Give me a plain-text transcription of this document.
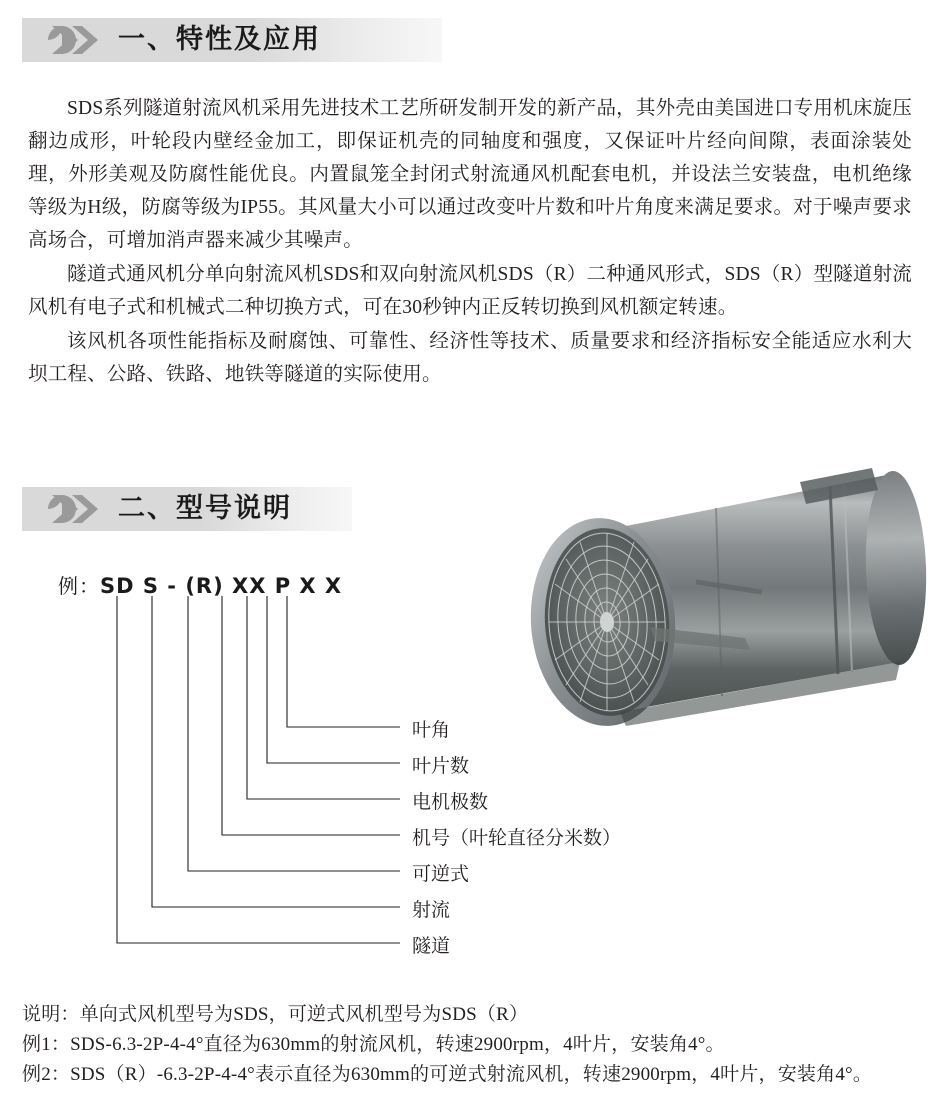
一、特性及应用

SDS系列隧道射流风机采用先进技术工艺所研发制开发的新产品，其外壳由美国进口专用机床旋压翻边成形，叶轮段内壁经金加工，即保证机壳的同轴度和强度，又保证叶片经向间隙，表面涂装处理，外形美观及防腐性能优良。内置鼠笼全封闭式射流通风机配套电机，并设法兰安装盘，电机绝缘等级为H级，防腐等级为IP55。其风量大小可以通过改变叶片数和叶片角度来满足要求。对于噪声要求高场合，可增加消声器来减少其噪声。

隧道式通风机分单向射流风机SDS和双向射流风机SDS（R）二种通风形式，SDS（R）型隧道射流风机有电子式和机械式二种切换方式，可在30秒钟内正反转切换到风机额定转速。

该风机各项性能指标及耐腐蚀、可靠性、经济性等技术、质量要求和经济指标安全能适应水利大坝工程、公路、铁路、地铁等隧道的实际使用。

二、型号说明
例：SD S - (R) XX P X X
叶角
叶片数
电机极数
机号（叶轮直径分米数）
可逆式
射流
隧道

说明：单向式风机型号为SDS，可逆式风机型号为SDS（R）

例1：SDS-6.3-2P-4-4°直径为630mm的射流风机，转速2900rpm，4叶片，安装角4°。

例2：SDS（R）-6.3-2P-4-4°表示直径为630mm的可逆式射流风机，转速2900rpm，4叶片，安装角4°。
